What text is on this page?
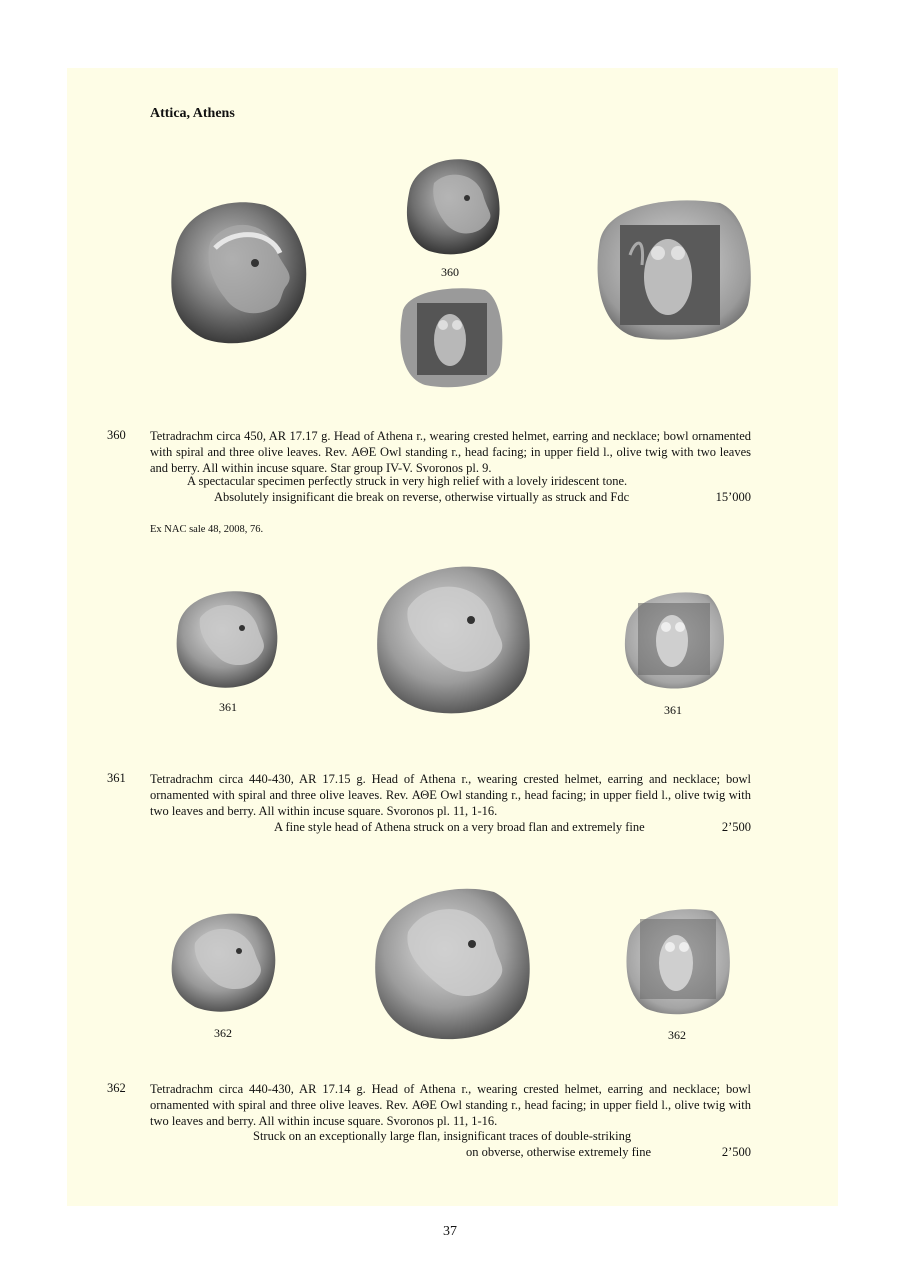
Attica, Athens
360
360 Tetradrachm circa 450, AR 17.17 g. Head of Athena r., wearing crested helmet, earring and necklace; bowl ornamented with spiral and three olive leaves. Rev. ΑΘΕ Owl standing r., head facing; in upper field l., olive twig with two leaves and berry. All within incuse square. Star group IV-V. Svoronos pl. 9.
A spectacular specimen perfectly struck in very high relief with a lovely iridescent tone.
Absolutely insignificant die break on reverse, otherwise virtually as struck and Fdc	15’000
Ex NAC sale 48, 2008, 76.
361	361
361 Tetradrachm circa 440-430, AR 17.15 g. Head of Athena r., wearing crested helmet, earring and necklace; bowl ornamented with spiral and three olive leaves. Rev. ΑΘΕ Owl standing r., head facing; in upper field l., olive twig with two leaves and berry. All within incuse square. Svoronos pl. 11, 1-16.
A fine style head of Athena struck on a very broad flan and extremely fine	2’500
362	362
362 Tetradrachm circa 440-430, AR 17.14 g. Head of Athena r., wearing crested helmet, earring and necklace; bowl ornamented with spiral and three olive leaves. Rev. ΑΘΕ Owl standing r., head facing; in upper field l., olive twig with two leaves and berry. All within incuse square. Svoronos pl. 11, 1-16.
Struck on an exceptionally large flan, insignificant traces of double-striking
on obverse, otherwise extremely fine	2’500
37
